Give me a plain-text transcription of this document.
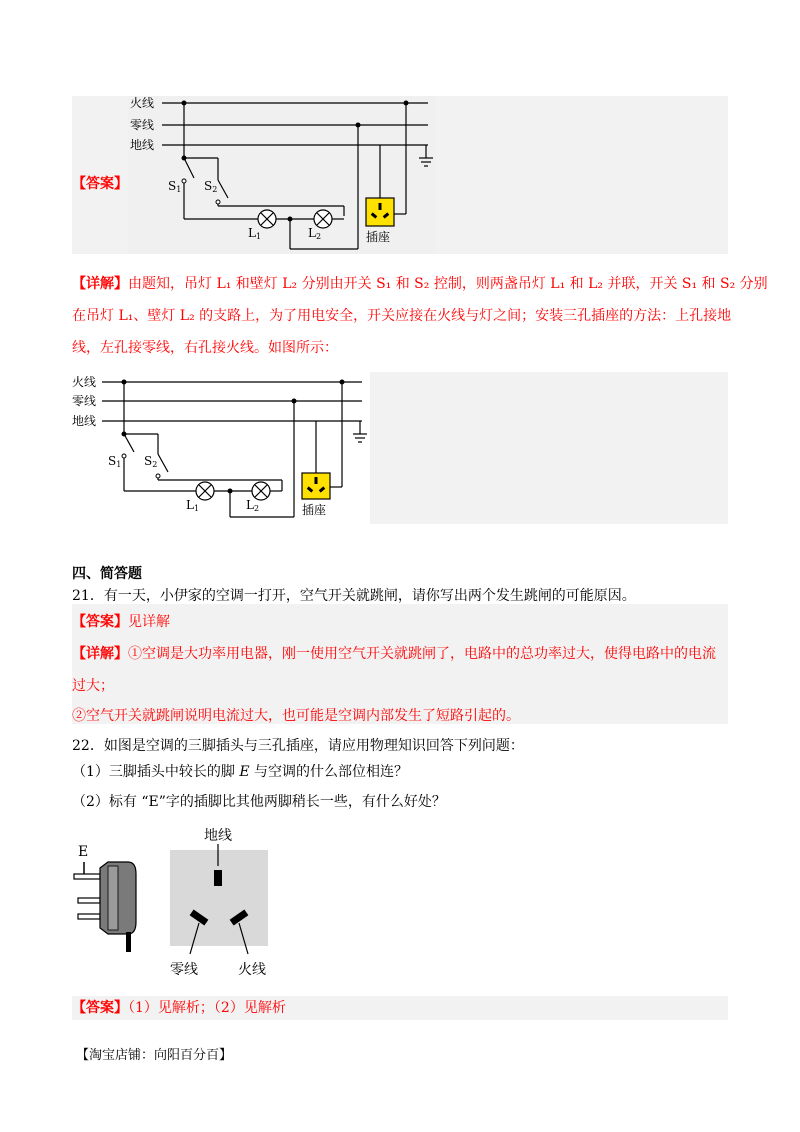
【答案】
火线
零线
地线
S1 S2
L1	L2	插座
【详解】由题知，吊灯 L₁ 和壁灯 L₂ 分别由开关 S₁ 和 S₂ 控制，则两盏吊灯 L₁ 和 L₂ 并联，开关 S₁ 和 S₂ 分别
在吊灯 L₁、壁灯 L₂ 的支路上，为了用电安全，开关应接在火线与灯之间；安装三孔插座的方法：上孔接地
线，左孔接零线，右孔接火线。如图所示：
火线
零线
地线
S1 S2
L1	L2	插座
四、简答题
21．有一天，小伊家的空调一打开，空气开关就跳闸，请你写出两个发生跳闸的可能原因。
【答案】见详解
【详解】①空调是大功率用电器，刚一使用空气开关就跳闸了，电路中的总功率过大，使得电路中的电流过大；
②空气开关就跳闸说明电流过大，也可能是空调内部发生了短路引起的。
22．如图是空调的三脚插头与三孔插座，请应用物理知识回答下列问题：
（1）三脚插头中较长的脚 E 与空调的什么部位相连？
（2）标有 “E”字的插脚比其他两脚稍长一些，有什么好处？
E
地线
零线	火线
【答案】（1）见解析；（2）见解析
【淘宝店铺：向阳百分百】
